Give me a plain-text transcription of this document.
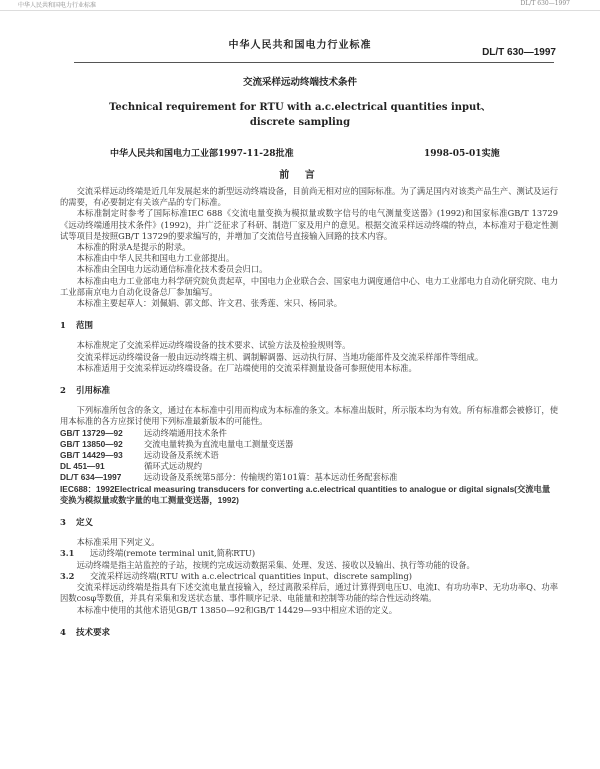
中华人民共和国电力行业标准	DL/T 630—1997
中华人民共和国电力行业标准
DL/T 630—1997
交流采样远动终端技术条件
Technical requirement for RTU with a.c.electrical quantities input、
discrete sampling
中华人民共和国电力工业部1997-11-28批准	1998-05-01实施
前 言

交流采样远动终端是近几年发展起来的新型远动终端设备，目前尚无相对应的国际标准。为了满足国内对该类产品生产、测试及运行的需要，有必要制定有关该产品的专门标准。

本标准制定时参考了国际标准IEC 688《交流电量变换为模拟量或数字信号的电气测量变送器》(1992)和国家标准GB/T 13729《远动终端通用技术条件》(1992)，并广泛征求了科研、制造厂家及用户的意见。根据交流采样远动终端的特点，本标准对于稳定性测试等项目是按照GB/T 13729的要求编写的，并增加了交流信号直接输入回路的技术内容。

本标准的附录A是提示的附录。

本标准由中华人民共和国电力工业部提出。

本标准由全国电力远动通信标准化技术委员会归口。

本标准由电力工业部电力科学研究院负责起草，中国电力企业联合会、国家电力调度通信中心、电力工业部电力自动化研究院、电力工业部南京电力自动化设备总厂参加编写。

本标准主要起草人：刘佩娟、郭文郎、许文君、张秀莲、宋只、杨同录。

1 范围

本标准规定了交流采样远动终端设备的技术要求、试验方法及检验规则等。

交流采样远动终端设备一般由远动终端主机、调制解调器、远动执行屏、当地功能部件及交流采样部件等组成。

本标准适用于交流采样远动终端设备。在厂站端使用的交流采样测量设备可参照使用本标准。

2 引用标准

下列标准所包含的条文，通过在本标准中引用而构成为本标准的条文。本标准出版时，所示版本均为有效。所有标准都会被修订，使用本标准的各方应探讨使用下列标准最新版本的可能性。

GB/T 13729—92	远动终端通用技术条件

GB/T 13850—92	交流电量转换为直流电量电工测量变送器

GB/T 14429—93	远动设备及系统术语

DL 451—91	循环式远动规约

DL/T 634—1997	远动设备及系统第5部分：传输规约第101篇：基本远动任务配套标准

IEC688：1992Electrical measuring transducers for converting a.c.electrical quantities to analogue or digital signals(交流电量变换为模拟量或数字量的电工测量变送器，1992)

3 定义

本标准采用下列定义。

3.1 远动终端(remote terminal unit,简称RTU)

远动终端是指主站监控的子站，按规约完成远动数据采集、处理、发送、接收以及输出、执行等功能的设备。

3.2 交流采样远动终端(RTU with a.c.electrical quantities input、discrete sampling)

交流采样远动终端是指具有下述交流电量直接输入，经过离散采样后，通过计算得到电压U、电流I、有功功率P、无功功率Q、功率因数cosφ等数值，并具有采集和发送状态量、事件顺序记录、电能量和控制等功能的综合性远动终端。

本标准中使用的其他术语见GB/T 13850—92和GB/T 14429—93中相应术语的定义。

4 技术要求
